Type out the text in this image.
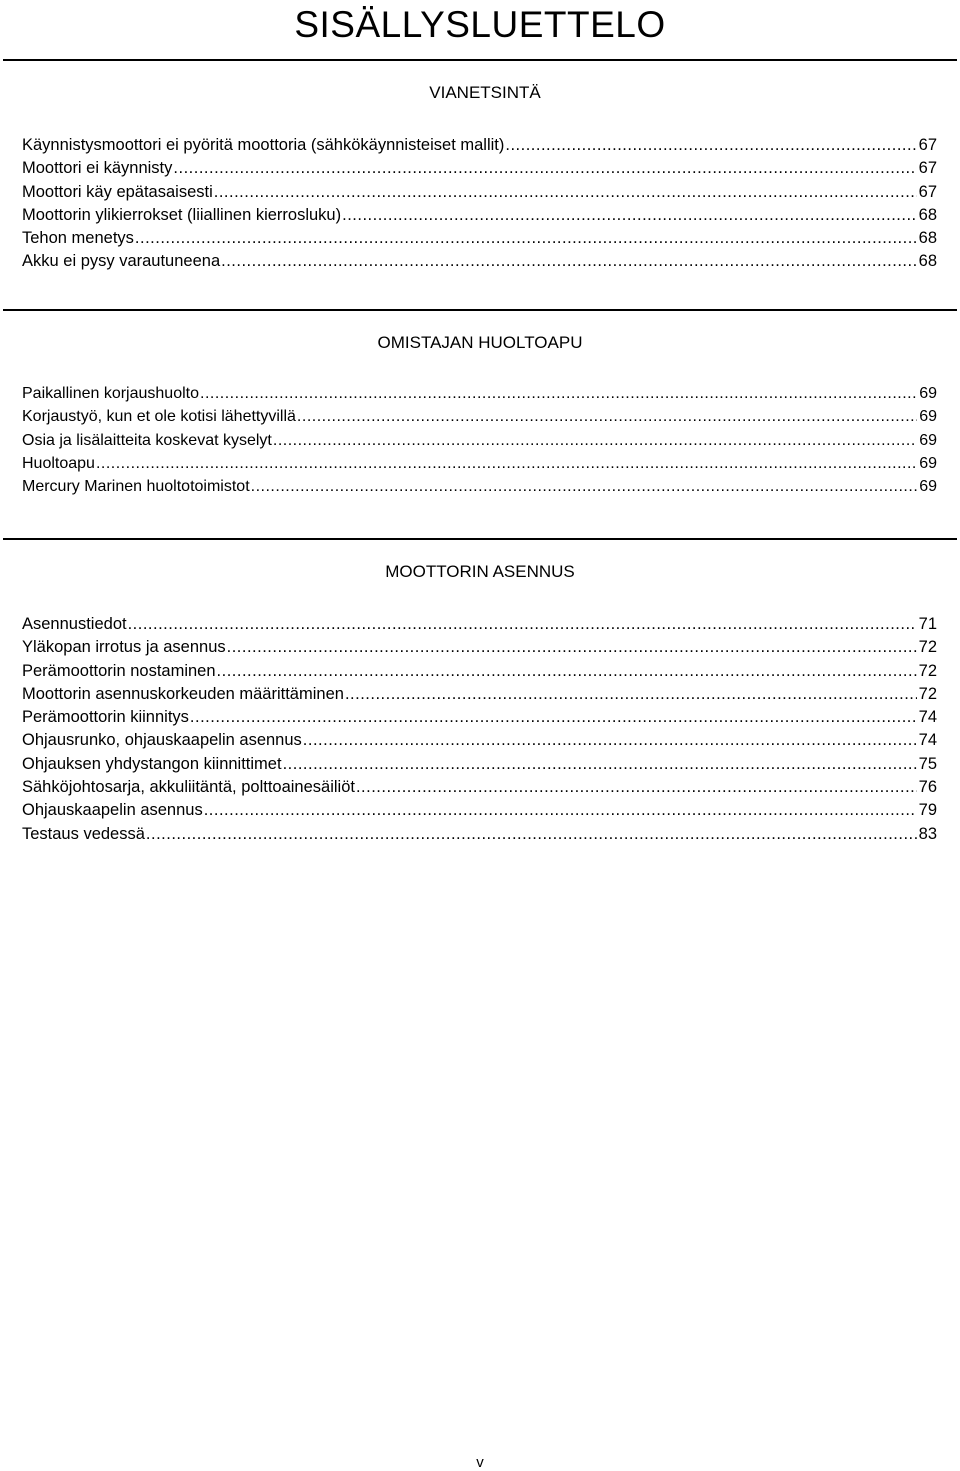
SISÄLLYSLUETTELO
VIANETSINTÄ
Käynnistysmoottori ei pyöritä moottoria (sähkökäynnisteiset mallit) .....	67
Moottori ei käynnisty .....	67
Moottori käy epätasaisesti .....	67
Moottorin ylikierrokset (liiallinen kierrosluku) .....	68
Tehon menetys .....	68
Akku ei pysy varautuneena .....	68
OMISTAJAN HUOLTOAPU
Paikallinen korjaushuolto .....	69
Korjaustyö, kun et ole kotisi lähettyvillä .....	69
Osia ja lisälaitteita koskevat kyselyt .....	69
Huoltoapu .....	69
Mercury Marinen huoltotoimistot .....	69
MOOTTORIN ASENNUS
Asennustiedot .....	71
Yläkopan irrotus ja asennus .....	72
Perämoottorin nostaminen .....	72
Moottorin asennuskorkeuden määrittäminen .....	72
Perämoottorin kiinnitys .....	74
Ohjausrunko, ohjauskaapelin asennus .....	74
Ohjauksen yhdystangon kiinnittimet .....	75
Sähköjohtosarja, akkuliitäntä, polttoainesäiliöt .....	76
Ohjauskaapelin asennus .....	79
Testaus vedessä .....	83
v
